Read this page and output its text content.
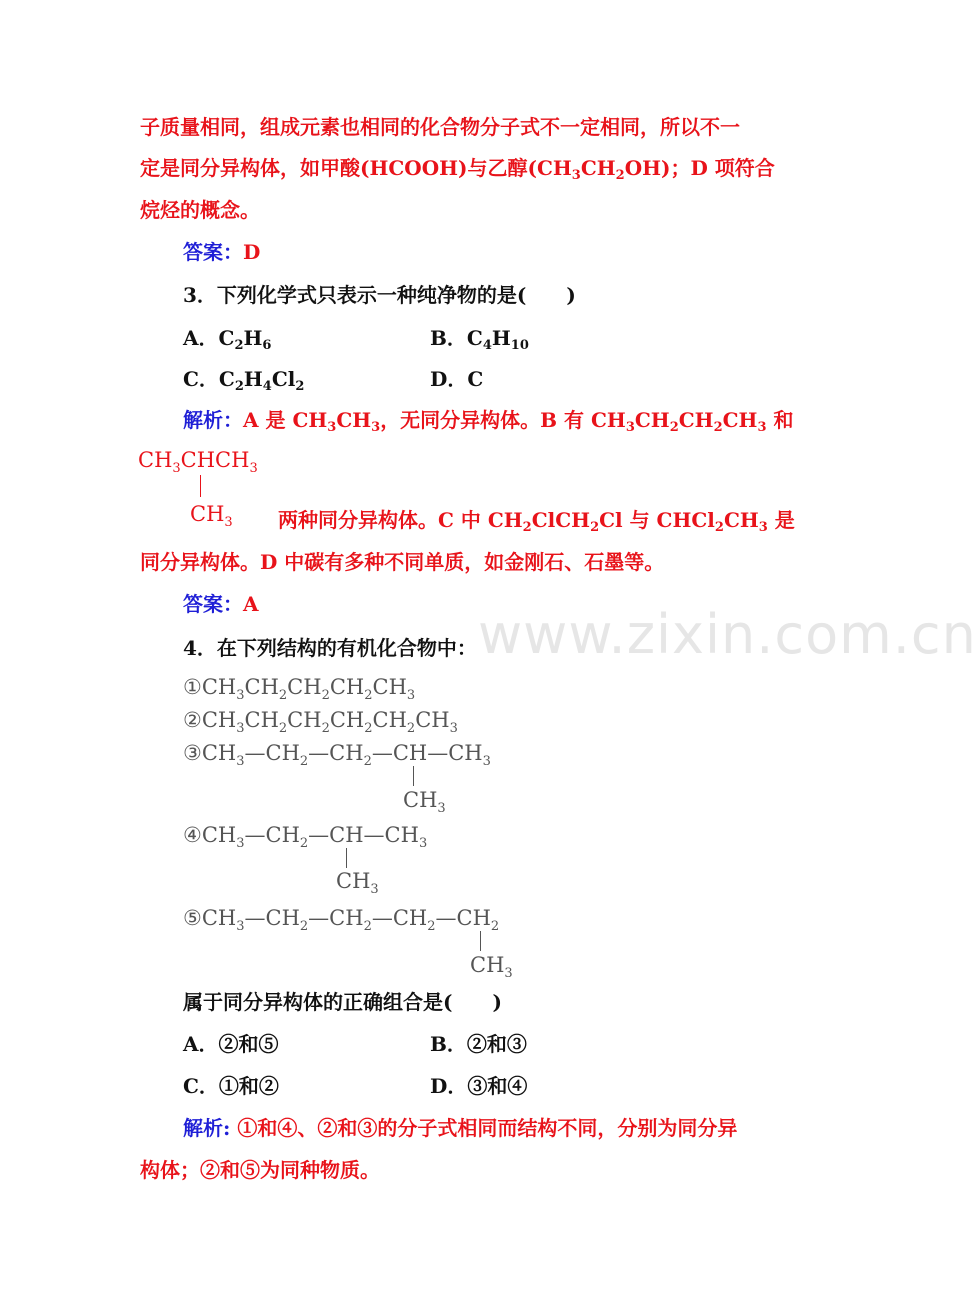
www.zixin.com.cn
子质量相同，组成元素也相同的化合物分子式不一定相同，所以不一
定是同分异构体，如甲酸(HCOOH)与乙醇$(CH_3CH_2OH)$；D 项符合
烷烃的概念。
答案：D
3．下列化学式只表示一种纯净物的是(　　)
A．$C_2H_6$	B．$C_4H_{10}$
C．$C_2H_4Cl_2$	D．C
解析：A 是 $CH_3CH_3$，无同分异构体。B 有 $CH_3CH_2CH_2CH_3$ 和
$CH_3CHCH_3$
$CH_3$ 两种同分异构体。C 中 $CH_2ClCH_2Cl$ 与 $CHCl_2CH_3$ 是
同分异构体。D 中碳有多种不同单质，如金刚石、石墨等。
答案：A
4．在下列结构的有机化合物中：
$①CH_3CH_2CH_2CH_2CH_3$
$②CH_3CH_2CH_2CH_2CH_2CH_3$
$③CH_3—CH_2—CH_2—CH—CH_3$
$CH_3$
$④CH_3—CH_2—CH—CH_3$
$CH_3$
$⑤CH_3—CH_2—CH_2—CH_2—CH_2$
$CH_3$
属于同分异构体的正确组合是(　　)
A．②和⑤	B．②和③
C．①和②	D．③和④
解析: ①和④、②和③的分子式相同而结构不同，分别为同分异
构体；②和⑤为同种物质。
